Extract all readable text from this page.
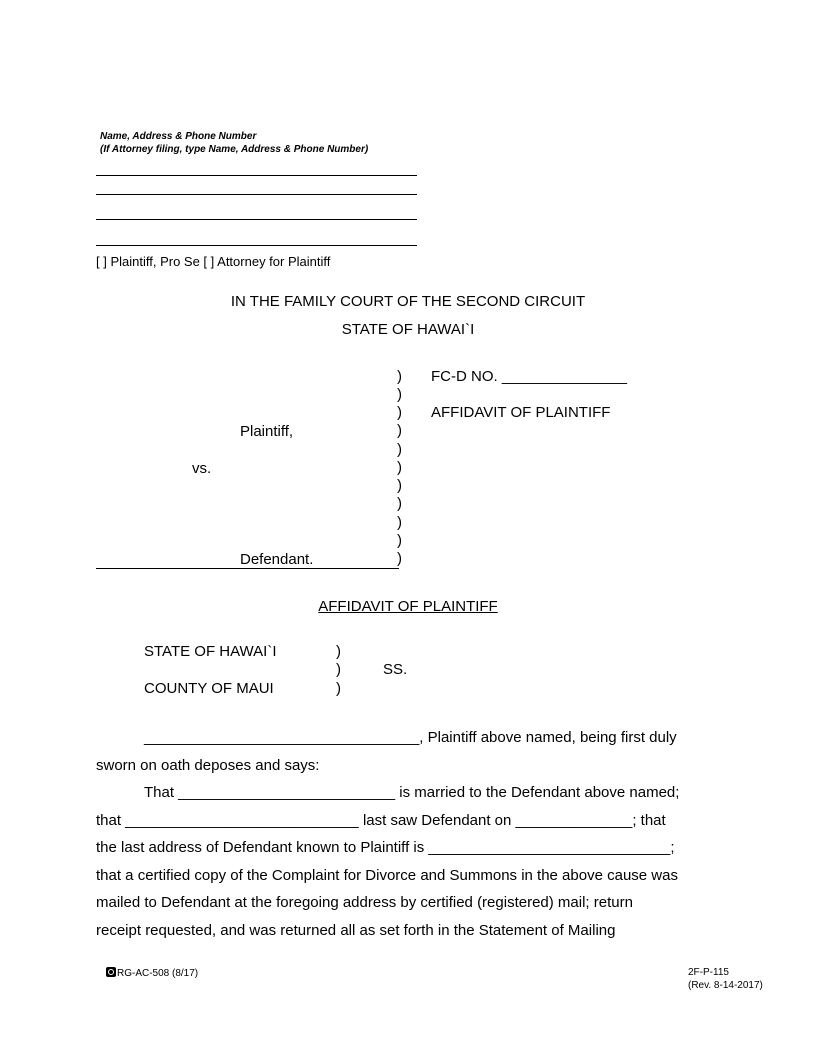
Name, Address & Phone Number
(If Attorney filing, type Name, Address & Phone Number)
[ ] Plaintiff, Pro Se [ ] Attorney for Plaintiff
IN THE FAMILY COURT OF THE SECOND CIRCUIT
STATE OF HAWAI`I
)
)
)
)
)
)
)
)
)
)
)
FC-D NO. _______________
AFFIDAVIT OF PLAINTIFF
Plaintiff,
vs.
Defendant.
AFFIDAVIT OF PLAINTIFF
STATE OF HAWAI`I
COUNTY OF MAUI
SS.
)
)
)
_________________________________, Plaintiff above named, being first duly
sworn on oath deposes and says:
That __________________________ is married to the Defendant above named;
that ____________________________ last saw Defendant on ______________; that
the last address of Defendant known to Plaintiff is _____________________________;
that a certified copy of the Complaint for Divorce and Summons in the above cause was
mailed to Defendant at the foregoing address by certified (registered) mail; return
receipt requested, and was returned all as set forth in the Statement of Mailing
RG-AC-508 (8/17)	2F-P-115
(Rev. 8-14-2017)
